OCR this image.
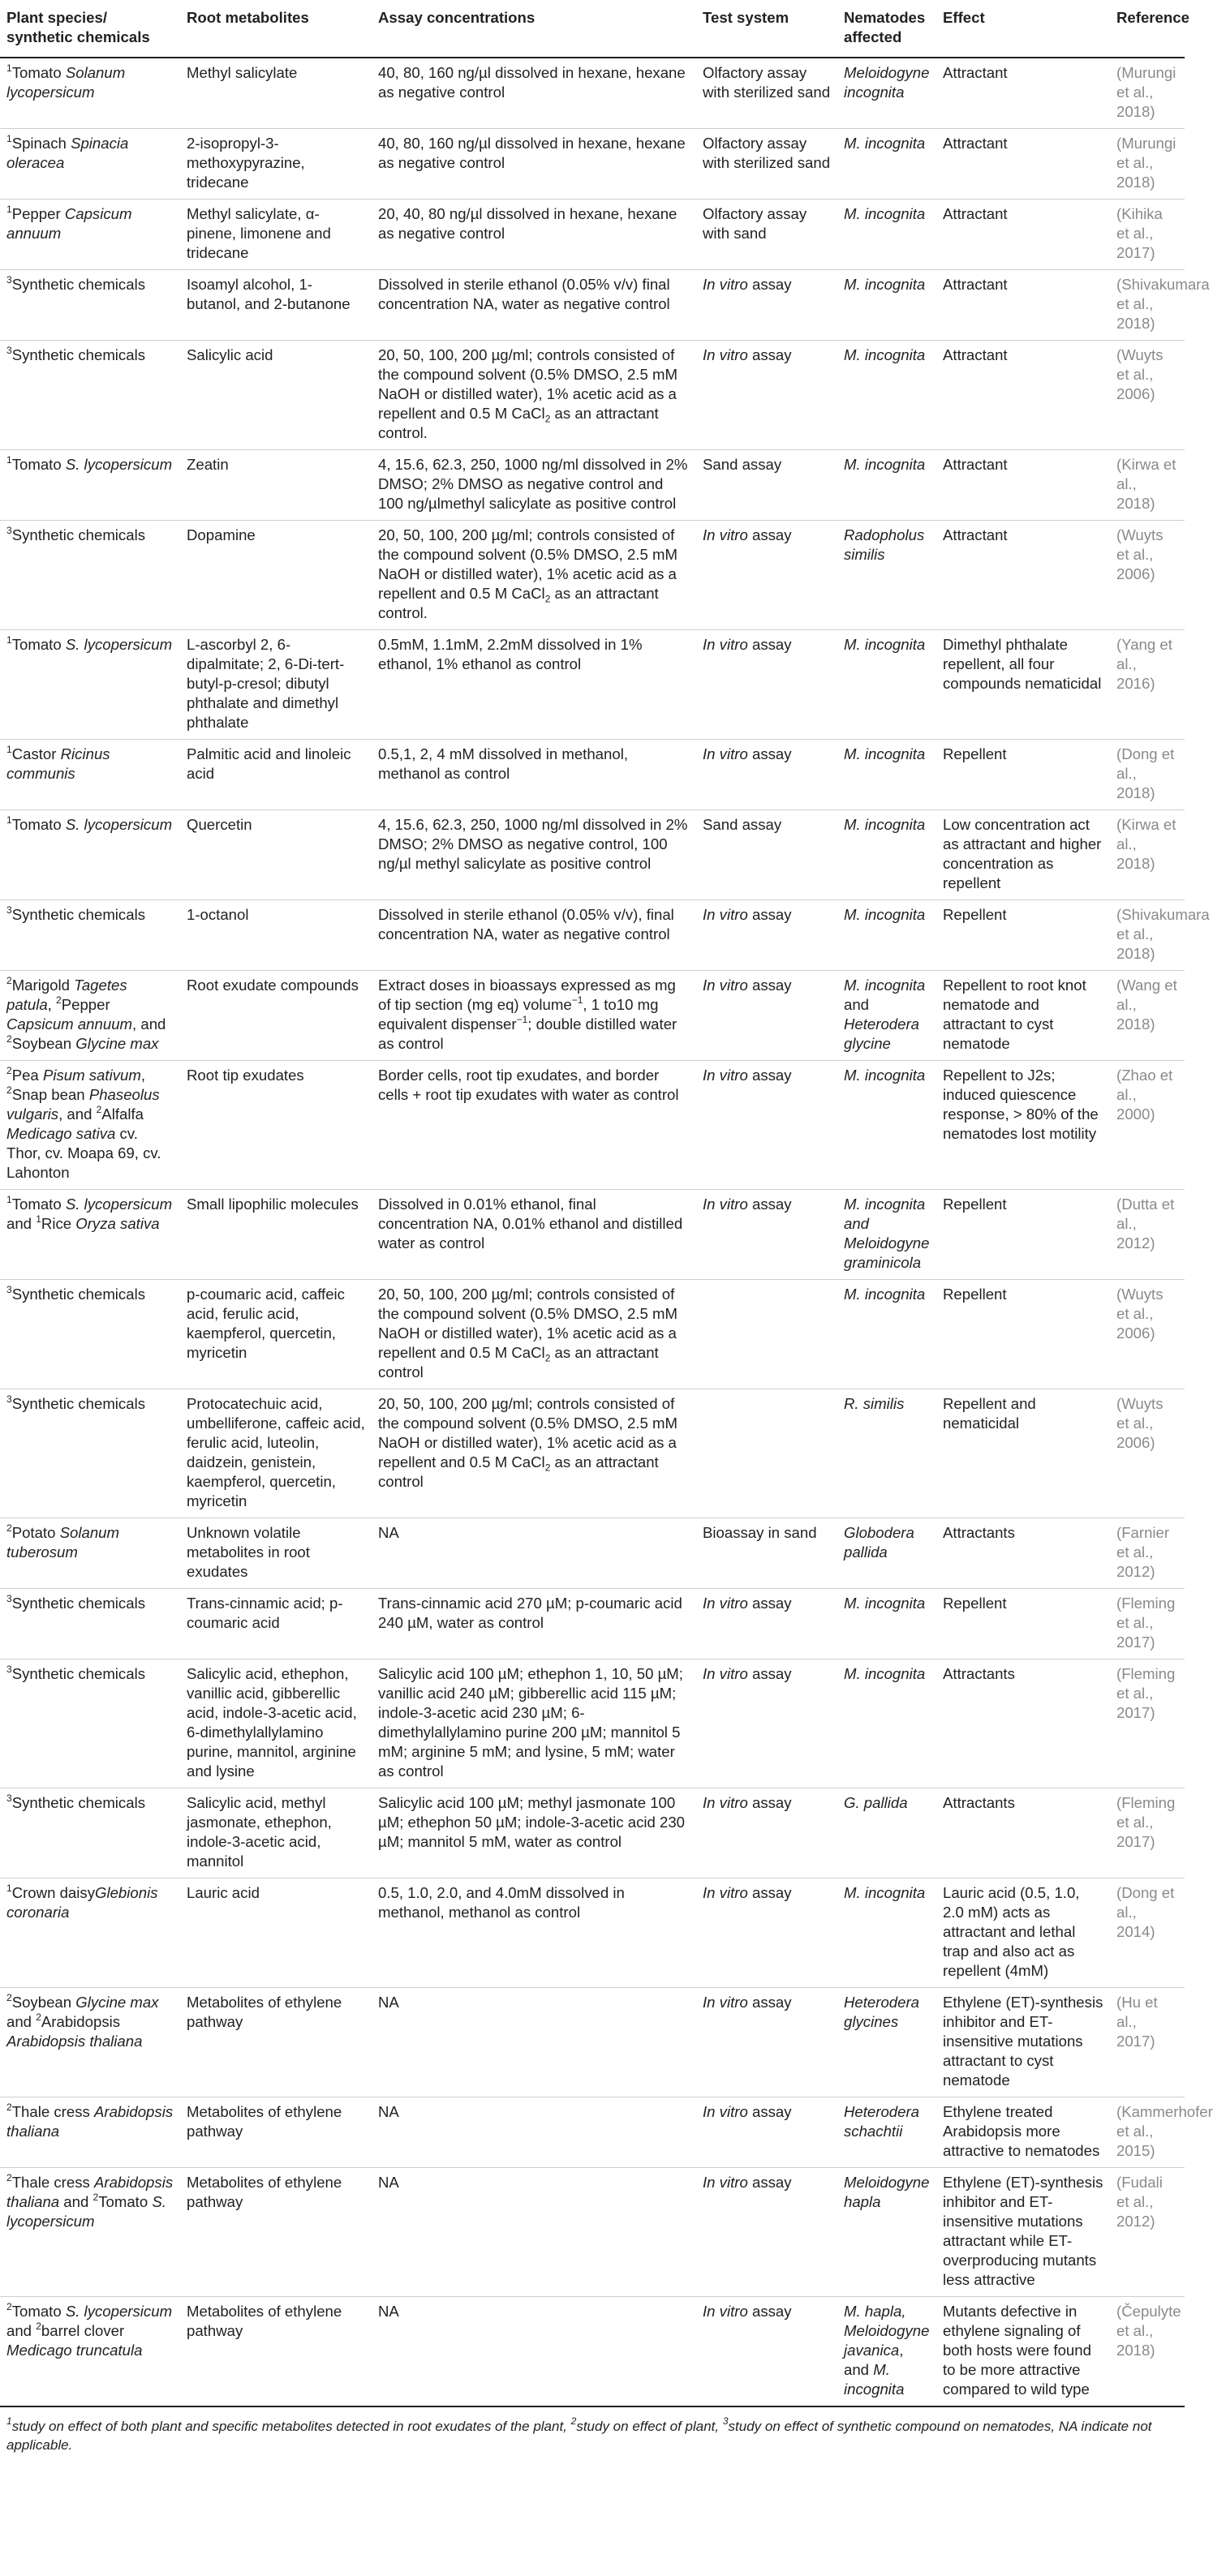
Plant species/ synthetic chemicals	Root metabolites	Assay concentrations	Test system	Nematodes affected	Effect	Reference
$^1$Tomato Solanum lycopersicum	Methyl salicylate	40, 80, 160 ng/µl dissolved in hexane, hexane as negative control	Olfactory assay with sterilized sand	Meloidogyne incognita	Attractant	(Murungi et al., 2018)
$^1$Spinach Spinacia oleracea	2-isopropyl-3-methoxypyrazine, tridecane	40, 80, 160 ng/µl dissolved in hexane, hexane as negative control	Olfactory assay with sterilized sand	M. incognita	Attractant	(Murungi et al., 2018)
$^1$Pepper Capsicum annuum	Methyl salicylate, α-pinene, limonene and tridecane	20, 40, 80 ng/µl dissolved in hexane, hexane as negative control	Olfactory assay with sand	M. incognita	Attractant	(Kihika et al., 2017)
$^3$Synthetic chemicals	Isoamyl alcohol, 1-butanol, and 2-butanone	Dissolved in sterile ethanol (0.05% v/v) final concentration NA, water as negative control	In vitro assay	M. incognita	Attractant	(Shivakumara et al., 2018)
$^3$Synthetic chemicals	Salicylic acid	20, 50, 100, 200 µg/ml; controls consisted of the compound solvent (0.5% DMSO, 2.5 mM NaOH or distilled water), 1% acetic acid as a repellent and 0.5 M CaCl$_2$ as an attractant control.	In vitro assay	M. incognita	Attractant	(Wuyts et al., 2006)
$^1$Tomato S. lycopersicum	Zeatin	4, 15.6, 62.3, 250, 1000 ng/ml dissolved in 2% DMSO; 2% DMSO as negative control and 100 ng/µlmethyl salicylate as positive control	Sand assay	M. incognita	Attractant	(Kirwa et al., 2018)
$^3$Synthetic chemicals	Dopamine	20, 50, 100, 200 µg/ml; controls consisted of the compound solvent (0.5% DMSO, 2.5 mM NaOH or distilled water), 1% acetic acid as a repellent and 0.5 M CaCl$_2$ as an attractant control.	In vitro assay	Radopholus similis	Attractant	(Wuyts et al., 2006)
$^1$Tomato S. lycopersicum	L-ascorbyl 2, 6-dipalmitate; 2, 6-Di-tert-butyl-p-cresol; dibutyl phthalate and dimethyl phthalate	0.5mM, 1.1mM, 2.2mM dissolved in 1% ethanol, 1% ethanol as control	In vitro assay	M. incognita	Dimethyl phthalate repellent, all four compounds nematicidal	(Yang et al., 2016)
$^1$Castor Ricinus communis	Palmitic acid and linoleic acid	0.5,1, 2, 4 mM dissolved in methanol, methanol as control	In vitro assay	M. incognita	Repellent	(Dong et al., 2018)
$^1$Tomato S. lycopersicum	Quercetin	4, 15.6, 62.3, 250, 1000 ng/ml dissolved in 2% DMSO; 2% DMSO as negative control, 100 ng/µl methyl salicylate as positive control	Sand assay	M. incognita	Low concentration act as attractant and higher concentration as repellent	(Kirwa et al., 2018)
$^3$Synthetic chemicals	1-octanol	Dissolved in sterile ethanol (0.05% v/v), final concentration NA, water as negative control	In vitro assay	M. incognita	Repellent	(Shivakumara et al., 2018)
$^2$Marigold Tagetes patula, $^2$Pepper Capsicum annuum, and $^2$Soybean Glycine max	Root exudate compounds	Extract doses in bioassays expressed as mg of tip section (mg eq) volume$^{-1}$, 1 to10 mg equivalent dispenser$^{-1}$; double distilled water as control	In vitro assay	M. incognita and Heterodera glycine	Repellent to root knot nematode and attractant to cyst nematode	(Wang et al., 2018)
$^2$Pea Pisum sativum, $^2$Snap bean Phaseolus vulgaris, and $^2$Alfalfa Medicago sativa cv. Thor, cv. Moapa 69, cv. Lahonton	Root tip exudates	Border cells, root tip exudates, and border cells + root tip exudates with water as control	In vitro assay	M. incognita	Repellent to J2s; induced quiescence response, > 80% of the nematodes lost motility	(Zhao et al., 2000)
$^1$Tomato S. lycopersicum and $^1$Rice Oryza sativa	Small lipophilic molecules	Dissolved in 0.01% ethanol, final concentration NA, 0.01% ethanol and distilled water as control	In vitro assay	M. incognita and Meloidogyne graminicola	Repellent	(Dutta et al., 2012)
$^3$Synthetic chemicals	p-coumaric acid, caffeic acid, ferulic acid, kaempferol, quercetin, myricetin	20, 50, 100, 200 µg/ml; controls consisted of the compound solvent (0.5% DMSO, 2.5 mM NaOH or distilled water), 1% acetic acid as a repellent and 0.5 M CaCl$_2$ as an attractant control		M. incognita	Repellent	(Wuyts et al., 2006)
$^3$Synthetic chemicals	Protocatechuic acid, umbelliferone, caffeic acid, ferulic acid, luteolin, daidzein, genistein, kaempferol, quercetin, myricetin	20, 50, 100, 200 µg/ml; controls consisted of the compound solvent (0.5% DMSO, 2.5 mM NaOH or distilled water), 1% acetic acid as a repellent and 0.5 M CaCl$_2$ as an attractant control		R. similis	Repellent and nematicidal	(Wuyts et al., 2006)
$^2$Potato Solanum tuberosum	Unknown volatile metabolites in root exudates	NA	Bioassay in sand	Globodera pallida	Attractants	(Farnier et al., 2012)
$^3$Synthetic chemicals	Trans-cinnamic acid; p-coumaric acid	Trans-cinnamic acid 270 µM; p-coumaric acid 240 µM, water as control	In vitro assay	M. incognita	Repellent	(Fleming et al., 2017)
$^3$Synthetic chemicals	Salicylic acid, ethephon, vanillic acid, gibberellic acid, indole-3-acetic acid, 6-dimethylallylamino purine, mannitol, arginine and lysine	Salicylic acid 100 µM; ethephon 1, 10, 50 µM; vanillic acid 240 µM; gibberellic acid 115 µM; indole-3-acetic acid 230 µM; 6-dimethylallylamino purine 200 µM; mannitol 5 mM; arginine 5 mM; and lysine, 5 mM; water as control	In vitro assay	M. incognita	Attractants	(Fleming et al., 2017)
$^3$Synthetic chemicals	Salicylic acid, methyl jasmonate, ethephon, indole-3-acetic acid, mannitol	Salicylic acid 100 µM; methyl jasmonate 100 µM; ethephon 50 µM; indole-3-acetic acid 230 µM; mannitol 5 mM, water as control	In vitro assay	G. pallida	Attractants	(Fleming et al., 2017)
$^1$Crown daisyGlebionis coronaria	Lauric acid	0.5, 1.0, 2.0, and 4.0mM dissolved in methanol, methanol as control	In vitro assay	M. incognita	Lauric acid (0.5, 1.0, 2.0 mM) acts as attractant and lethal trap and also act as repellent (4mM)	(Dong et al., 2014)
$^2$Soybean Glycine max and $^2$Arabidopsis Arabidopsis thaliana	Metabolites of ethylene pathway	NA	In vitro assay	Heterodera glycines	Ethylene (ET)-synthesis inhibitor and ET-insensitive mutations attractant to cyst nematode	(Hu et al., 2017)
$^2$Thale cress Arabidopsis thaliana	Metabolites of ethylene pathway	NA	In vitro assay	Heterodera schachtii	Ethylene treated Arabidopsis more attractive to nematodes	(Kammerhofer et al., 2015)
$^2$Thale cress Arabidopsis thaliana and $^2$Tomato S. lycopersicum	Metabolites of ethylene pathway	NA	In vitro assay	Meloidogyne hapla	Ethylene (ET)-synthesis inhibitor and ET-insensitive mutations attractant while ET-overproducing mutants less attractive	(Fudali et al., 2012)
$^2$Tomato S. lycopersicum and $^2$barrel clover Medicago truncatula	Metabolites of ethylene pathway	NA	In vitro assay	M. hapla, Meloidogyne javanica, and M. incognita	Mutants defective in ethylene signaling of both hosts were found to be more attractive compared to wild type	(Čepulyte et al., 2018)
$^1$study on effect of both plant and specific metabolites detected in root exudates of the plant, $^2$study on effect of plant, $^3$study on effect of synthetic compound on nematodes, NA indicate not applicable.
